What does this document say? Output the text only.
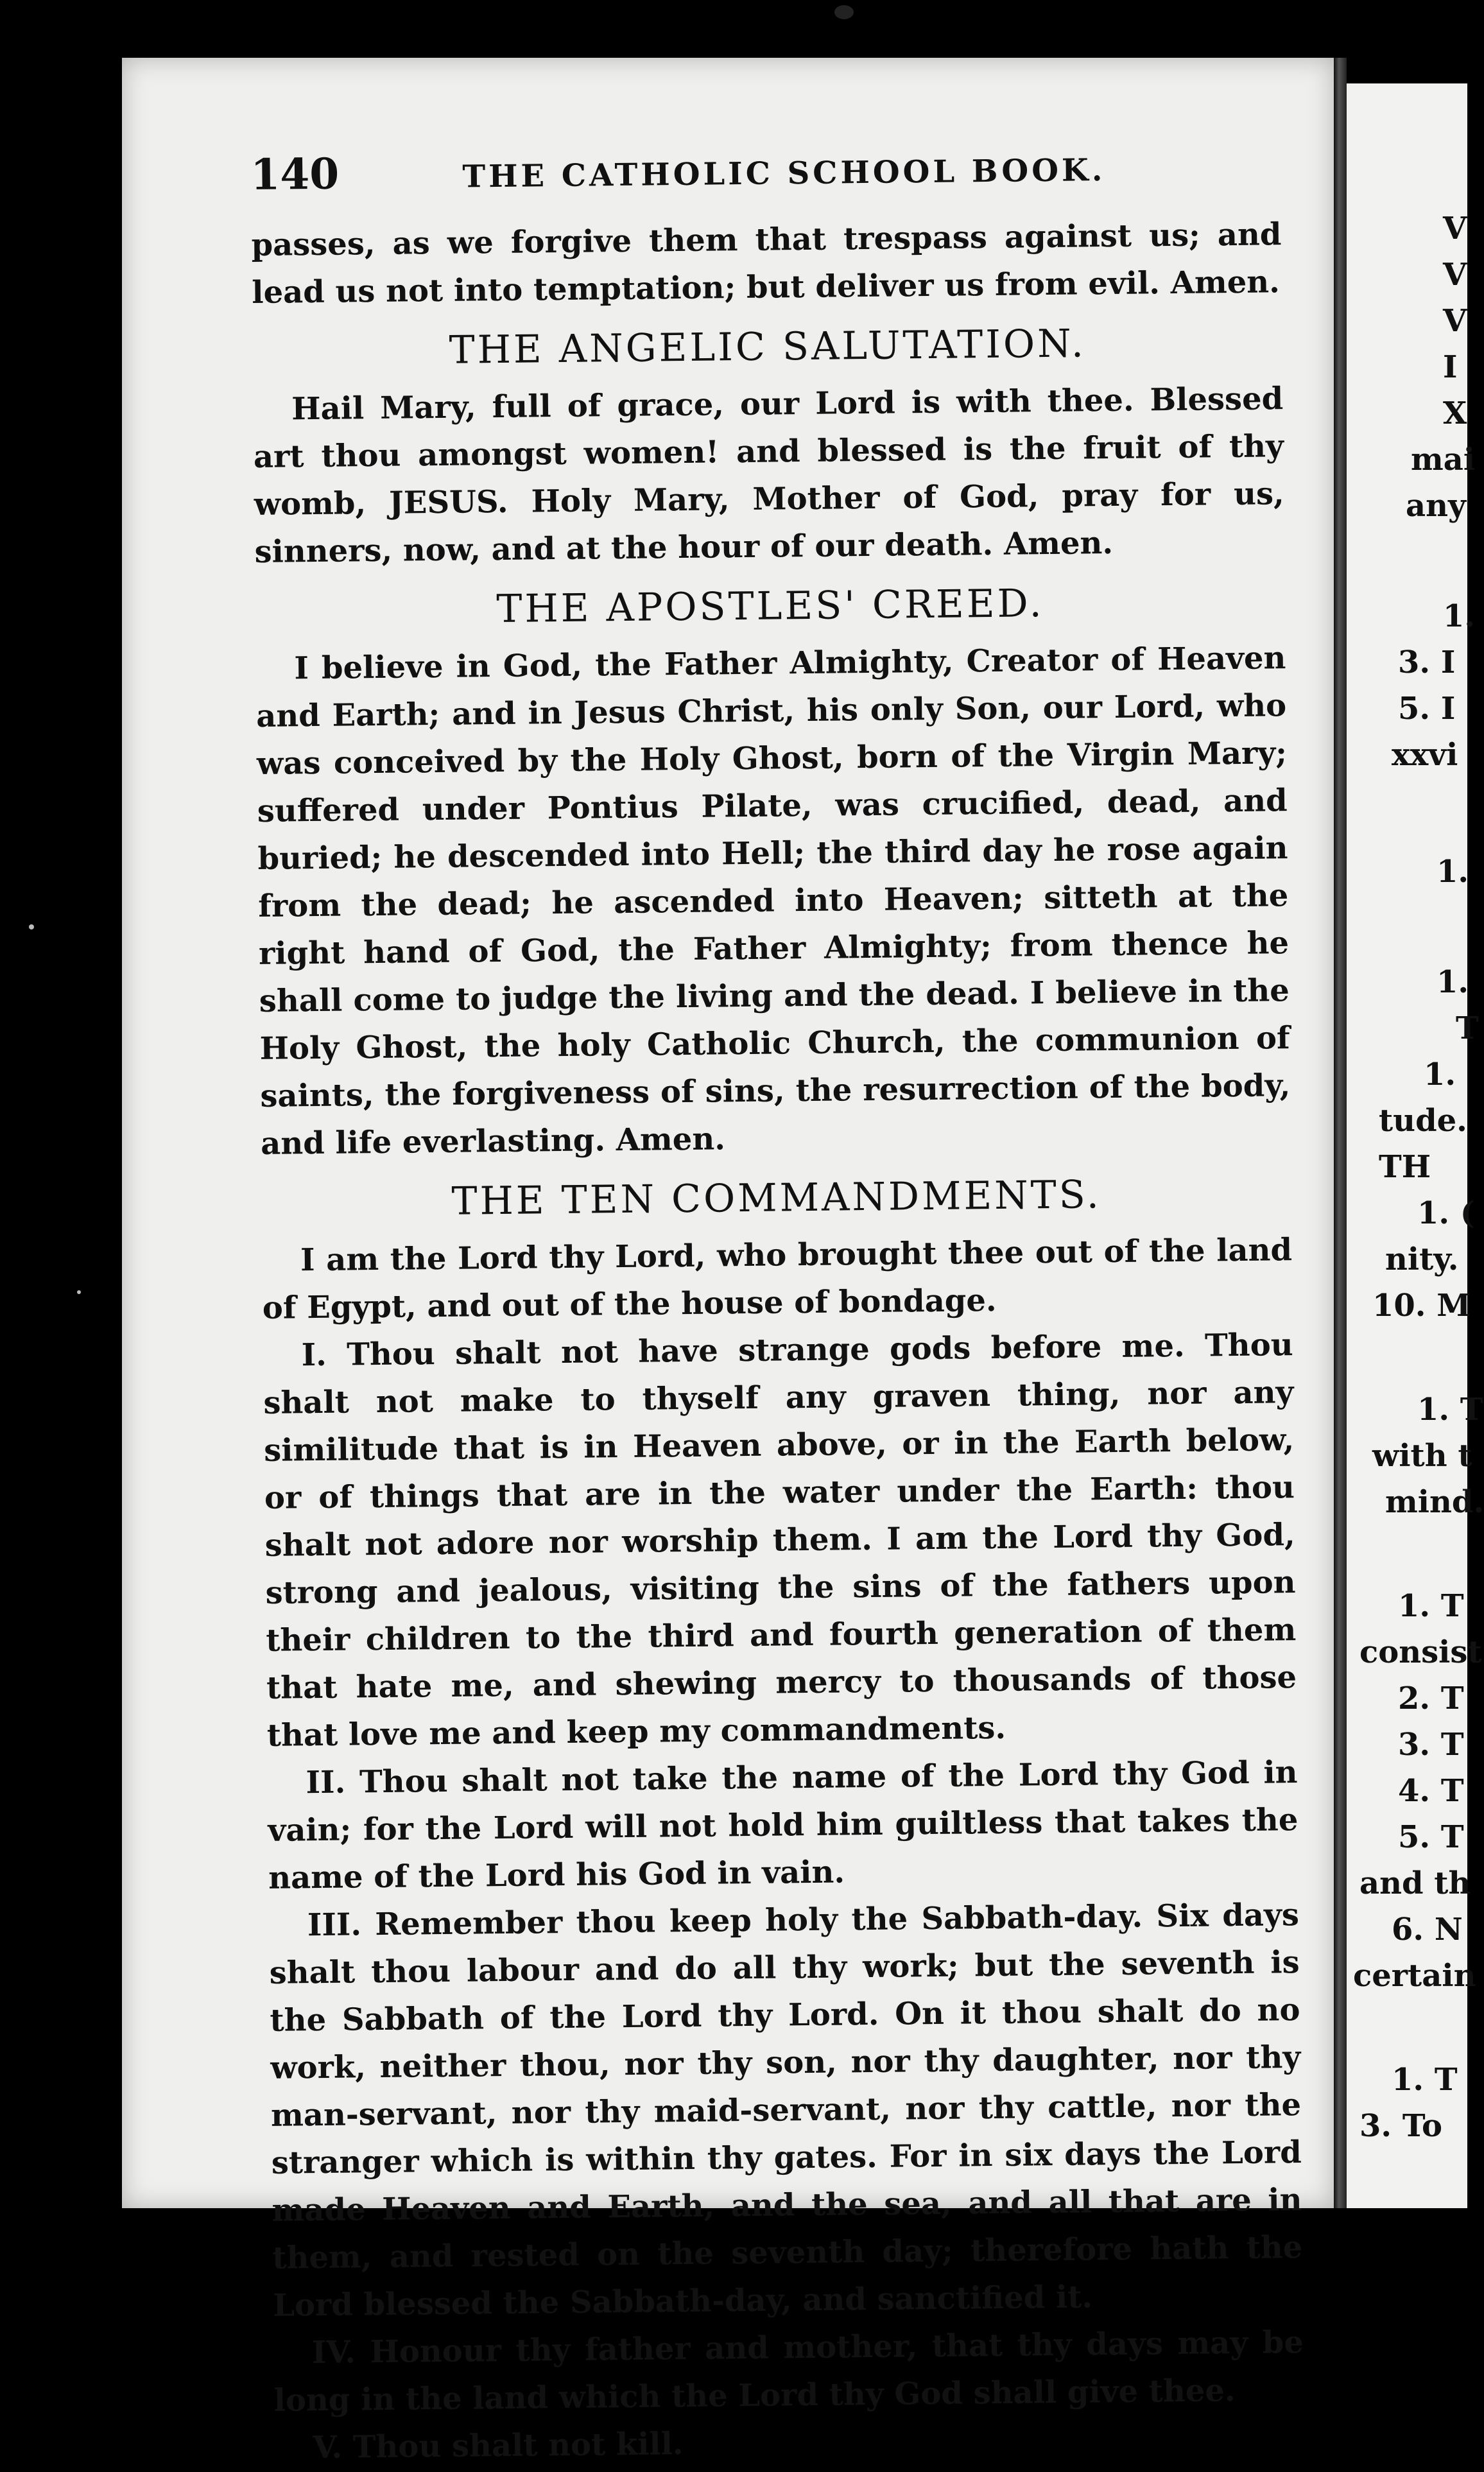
V
V
V
I
X
mai
any
1.
3. I
5. I
xxvi
1.
1.
T
1.
tude.
TH
1. (
nity.
10. M
1. T
with t
mind.
1. T
consist
2. T
3. T
4. T
5. T
and th
6. N
certain
1. T
3. To
140	THE CATHOLIC SCHOOL BOOK.

passes, as we forgive them that trespass against us; and lead us not into temptation; but deliver us from evil. Amen.

THE ANGELIC SALUTATION.

Hail Mary, full of grace, our Lord is with thee. Blessed art thou amongst women! and blessed is the fruit of thy womb, JESUS. Holy Mary, Mother of God, pray for us, sinners, now, and at the hour of our death. Amen.

THE APOSTLES' CREED.

I believe in God, the Father Almighty, Creator of Heaven and Earth; and in Jesus Christ, his only Son, our Lord, who was conceived by the Holy Ghost, born of the Virgin Mary; suffered under Pontius Pilate, was crucified, dead, and buried; he descended into Hell; the third day he rose again from the dead; he ascended into Heaven; sitteth at the right hand of God, the Father Almighty; from thence he shall come to judge the living and the dead. I believe in the Holy Ghost, the holy Catholic Church, the communion of saints, the forgiveness of sins, the resurrection of the body, and life everlasting. Amen.

THE TEN COMMANDMENTS.

I am the Lord thy Lord, who brought thee out of the land of Egypt, and out of the house of bondage.

I. Thou shalt not have strange gods before me. Thou shalt not make to thyself any graven thing, nor any similitude that is in Heaven above, or in the Earth below, or of things that are in the water under the Earth: thou shalt not adore nor worship them. I am the Lord thy God, strong and jealous, visiting the sins of the fathers upon their children to the third and fourth generation of them that hate me, and shewing mercy to thousands of those that love me and keep my commandments.

II. Thou shalt not take the name of the Lord thy God in vain; for the Lord will not hold him guiltless that takes the name of the Lord his God in vain.

III. Remember thou keep holy the Sabbath-day. Six days shalt thou labour and do all thy work; but the seventh is the Sabbath of the Lord thy Lord. On it thou shalt do no work, neither thou, nor thy son, nor thy daughter, nor thy man-servant, nor thy maid-servant, nor thy cattle, nor the stranger which is within thy gates. For in six days the Lord made Heaven and Earth, and the sea, and all that are in them, and rested on the seventh day; therefore hath the Lord blessed the Sabbath-day, and sanctified it.

IV. Honour thy father and mother, that thy days may be long in the land which the Lord thy God shall give thee.

V. Thou shalt not kill.
